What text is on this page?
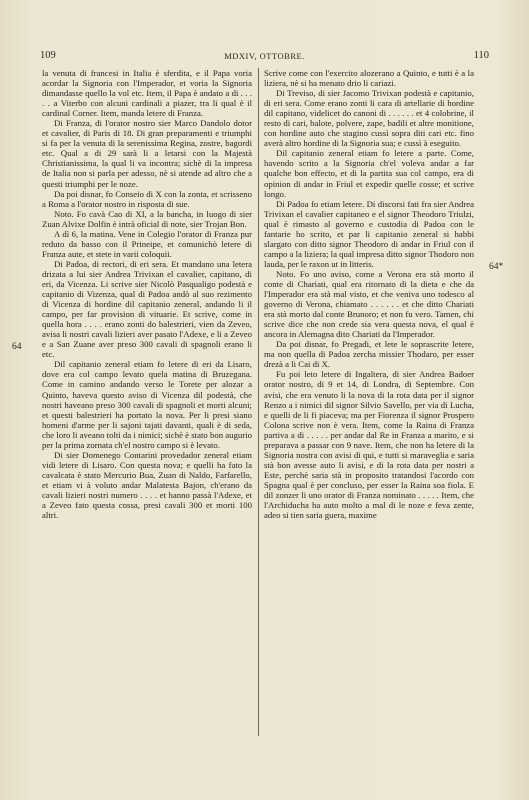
109	MDXIV, OTTOBRE.	110
64
64*

la venuta di francesi in Italia è sferdita, e il Papa voria acordar la Signoria con l'Imperador, et voria la Signoria dimandasse quello la vol etc. Item, il Papa è andato a di . . . . . a Viterbo con alcuni cardinali a piazer, tra li qual è il cardinal Corner. Item, manda letere di Franza.

Di Franza, di l'orator nostro sier Marco Dandolo dotor et cavalier, di Paris di 18. Di gran preparamenti e triumphi si fa per la venuta di la serenissima Regina, zostre, bagordi etc. Qual a di 29 sarà li a letarsi con la Majestà Christianissima, la qual li va incontra; sichè di la impresa de Italia non si parla per adesso, nè si atende ad altro che a questi triumphi per le noze.

Da poi disnar, fo Conseio di X con la zonta, et scrisseno a Roma a l'orator nostro in risposta di sue.

Noto. Fo cavà Cao di XI, a la bancha, in luogo di sier Zuan Alvixe Dolfin è intrà oficial di note, sier Trojan Bon.

A dì 6, la matina. Vene in Colegio l'orator di Franza pur reduto da basso con il Prineipe, et comunichò letere di Franza aute, et stete in varii coloquii.

Di Padoa, di rectori, di eri sera. Et mandano una letera drizata a lui sier Andrea Trivixan el cavalier, capitano, di eri, da Vicenza. Li scrive sier Nicolò Pasqualigo podestà e capitanio di Vizenza, qual di Padoa andò al suo rezimento di Vicenza di hordine dil capitanio zeneral, andando li il campo, per far provision di vituarie. Et scrive, come in quella hora . . . . erano zonti do balestrieri, vien da Zeveo, avisa li nostri cavali lizieri aver pasato l'Adexe, e li a Zeveo e a San Zuane aver preso 300 cavali di spagnoli erano li etc.

Dil capitanio zeneral etiam fo letere di eri da Lisaro, dove era col campo levato quela matina di Bruzegana. Come in camino andando verso le Torete per alozar a Quinto, haveva questo aviso di Vicenza dil podestà, che nostri haveano preso 300 cavali di spagnoli et morti alcuni; et questi balestrieri ha portato la nova. Per li presi siano homeni d'arme per li sajoni tajati davanti, quali è di seda, che loro li aveano tolti da i nimici; sichè è stato bon augurio per la prima zornata ch'el nostro campo si è levato.

Di sier Domenego Contarini provedador zeneral etiam vidi letere di Lisaro. Con questa nova; e quelli ha fato la cavalcata è stato Mercurio Bua, Zuan di Naldo, Farfarello, et etiam vi à voluto andar Malatesta Bajon, ch'erano da cavali lizieri nostri numero . . . . et hanno passà l'Adexe, et a Zeveo fato questa cossa, presi cavali 300 et morti 100 altri.

Scrive come con l'exercito alozerano a Quinto, e tutti è a la liziera, nè si ha menato drio li cariazi.

Di Treviso, di sier Jacomo Trivixan podestà e capitanio, di eri sera. Come erano zonti li cara di artellarie di hordine dil capitano, videlicet do canoni di . . . . . . et 4 colobrine, il resto di cari, balote, polvere, zape, badili et altre monitione, con hordine auto che stagino cussì sopra diti cari etc. fino averà altro hordine di la Signoria sua; e cussì à eseguito.

Dil capitanio zeneral etiam fo letere a parte. Come, havendo scrito a la Signoria ch'el voleva andar a far qualche bon effecto, et di la partita sua col campo, era di opinion di andar in Friul et expedir quelle cosse; et scrive longo.

Di Padoa fo etiam letere. Di discorsi fati fra sier Andrea Trivixan el cavalier capitaneo e el signor Theodoro Triulzi, qual è rimasto al governo e custodia di Padoa con le fantarie ho scrito, et par li capitanio zeneral si habbi slargato con ditto signor Theodoro di andar in Friul con il campo a la liziera; la qual impresa ditto signor Thodoro non lauda, per le raxon ut in litteris.

Noto. Fo uno aviso, come a Verona era stà morto il conte di Chariati, qual era ritornato di la dieta e che da l'Imperador era stà mal visto, et che veniva uno todesco al governo di Verona, chiamato . . . . . . et che ditto Chariati era stà morto dal conte Brunoro; et non fu vero. Tamen, chi scrive dice che non crede sia vera questa nova, el qual è ancora in Alemagna dito Chariati da l'Imperador.

Da poi disnar, fo Pregadi, et lete le soprascrite letere, ma non quella di Padoa zercha missier Thodaro, per esser drezà a li Cai di X.

Fu poi leto letere di Ingaltera, di sier Andrea Badoer orator nostro, di 9 et 14, di Londra, di Septembre. Con avisi, che era venuto li la nova di la rota data per il signor Renzo a i nimici dil signor Silvio Savello, per via di Lucha, e quelli de li fi piaceva; ma per Fiorenza il signor Prospero Colona scrive non è vera. Item, come la Raina di Franza partiva a di . . . . . per andar dal Re in Franza a marito, e si preparava a passar con 9 nave. Item, che non ha letere di la Signoria nostra con avisi di qui, e tutti si maraveglia e saria stà bon avesse auto li avisi, e di la rota data per nostri a Este, perchè saria stà in proposito tratandosi l'acordo con Spagna qual è per concluso, per esser la Raina soa fiola. E dil zonzer li uno orator di Franza nominato . . . . . Item, che l'Archiducha ha auto molto a mal di le noze e feva zente, adeo si tien saria guera, maxime
